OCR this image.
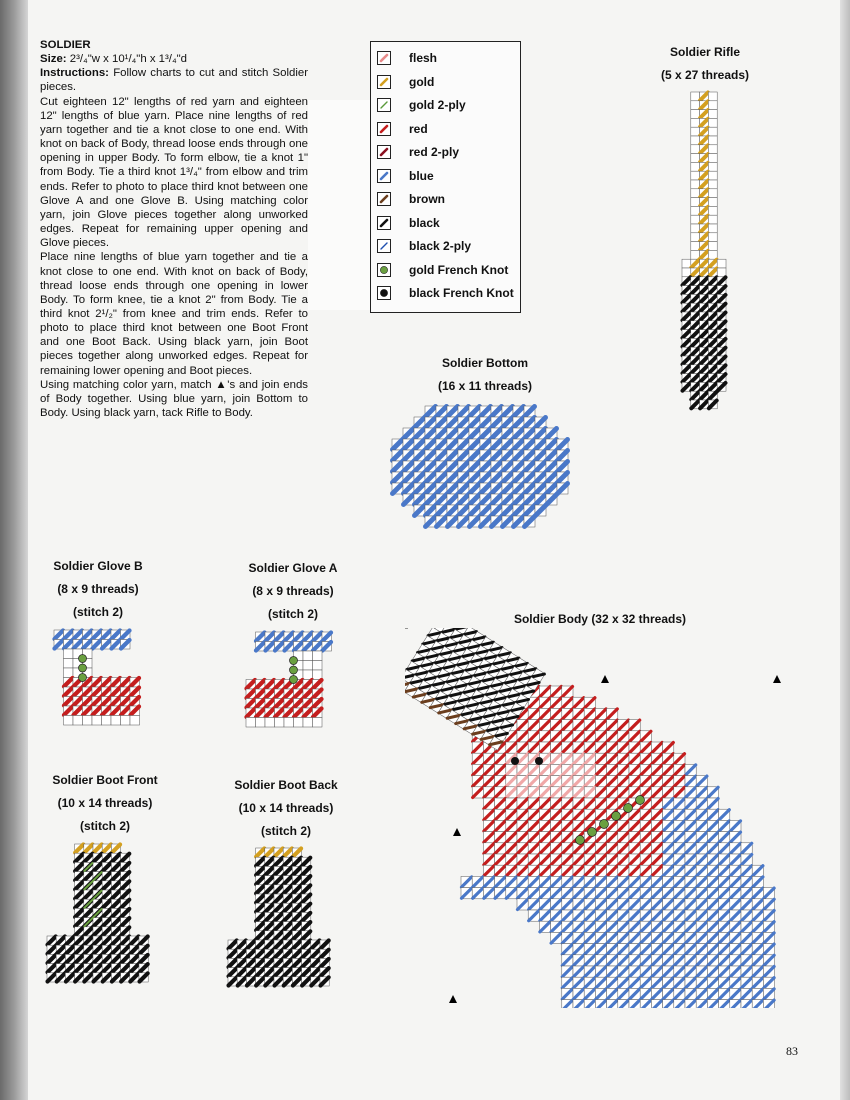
SOLDIER

Size: 2³/₄"w x 10¹/₄"h x 1³/₄"d

Instructions: Follow charts to cut and stitch Soldier pieces.

Cut eighteen 12" lengths of red yarn and eighteen 12" lengths of blue yarn. Place nine lengths of red yarn together and tie a knot close to one end. With knot on back of Body, thread loose ends through one opening in upper Body. To form elbow, tie a knot 1" from Body. Tie a third knot 1³/₄" from elbow and trim ends. Refer to photo to place third knot between one Glove A and one Glove B. Using matching color yarn, join Glove pieces together along unworked edges. Repeat for remaining upper opening and Glove pieces.

Place nine lengths of blue yarn together and tie a knot close to one end. With knot on back of Body, thread loose ends through one opening in lower Body. To form knee, tie a knot 2" from Body. Tie a third knot 2¹/₂" from knee and trim ends. Refer to photo to place third knot between one Boot Front and one Boot Back. Using black yarn, join Boot pieces together along unworked edges. Repeat for remaining lower opening and Boot pieces.

Using matching color yarn, match ▲'s and join ends of Body together. Using blue yarn, join Bottom to Body. Using black yarn, tack Rifle to Body.

flesh
gold
gold 2-ply
red
red 2-ply
blue
brown
black
black 2-ply
gold French Knot
black French Knot
Soldier Rifle
(5 x 27 threads)
Soldier Bottom
(16 x 11 threads)
Soldier Glove B
(8 x 9 threads)
(stitch 2)
Soldier Glove A
(8 x 9 threads)
(stitch 2)	Soldier Body (32 x 32 threads)
Soldier Boot Front
(10 x 14 threads)
(stitch 2)
Soldier Boot Back
(10 x 14 threads)
(stitch 2)
83
